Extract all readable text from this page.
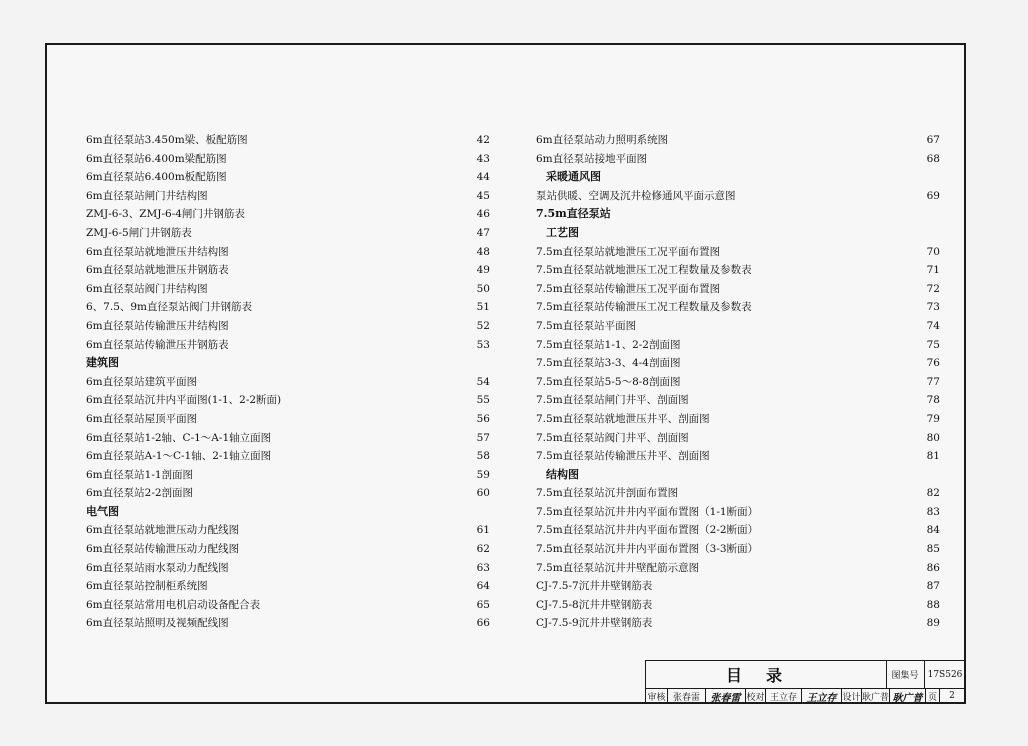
6m直径泵站3.450m梁、板配筋图	42
6m直径泵站6.400m梁配筋图	43
6m直径泵站6.400m板配筋图	44
6m直径泵站闸门井结构图	45
ZMJ-6-3、ZMJ-6-4闸门井钢筋表	46
ZMJ-6-5闸门井钢筋表	47
6m直径泵站就地泄压井结构图	48
6m直径泵站就地泄压井钢筋表	49
6m直径泵站阀门井结构图	50
6、7.5、9m直径泵站阀门井钢筋表	51
6m直径泵站传输泄压井结构图	52
6m直径泵站传输泄压井钢筋表	53
建筑图
6m直径泵站建筑平面图	54
6m直径泵站沉井内平面图(1-1、2-2断面)	55
6m直径泵站屋顶平面图	56
6m直径泵站1-2轴、C-1～A-1轴立面图	57
6m直径泵站A-1～C-1轴、2-1轴立面图	58
6m直径泵站1-1剖面图	59
6m直径泵站2-2剖面图	60
电气图
6m直径泵站就地泄压动力配线图	61
6m直径泵站传输泄压动力配线图	62
6m直径泵站雨水泵动力配线图	63
6m直径泵站控制柜系统图	64
6m直径泵站常用电机启动设备配合表	65
6m直径泵站照明及视频配线图	66
6m直径泵站动力照明系统图	67
6m直径泵站接地平面图	68
采暖通风图
泵站供暖、空调及沉井检修通风平面示意图	69
7.5m直径泵站
工艺图
7.5m直径泵站就地泄压工况平面布置图	70
7.5m直径泵站就地泄压工况工程数量及参数表	71
7.5m直径泵站传输泄压工况平面布置图	72
7.5m直径泵站传输泄压工况工程数量及参数表	73
7.5m直径泵站平面图	74
7.5m直径泵站1-1、2-2剖面图	75
7.5m直径泵站3-3、4-4剖面图	76
7.5m直径泵站5-5～8-8剖面图	77
7.5m直径泵站闸门井平、剖面图	78
7.5m直径泵站就地泄压井平、剖面图	79
7.5m直径泵站阀门井平、剖面图	80
7.5m直径泵站传输泄压井平、剖面图	81
结构图
7.5m直径泵站沉井剖面布置图	82
7.5m直径泵站沉井井内平面布置图（1-1断面）	83
7.5m直径泵站沉井井内平面布置图（2-2断面）	84
7.5m直径泵站沉井井内平面布置图（3-3断面）	85
7.5m直径泵站沉井井壁配筋示意图	86
CJ-7.5-7沉井井壁钢筋表	87
CJ-7.5-8沉井井壁钢筋表	88
CJ-7.5-9沉井井壁钢筋表	89
目录	图集号	17S526
审核 张春雷	张春雷 校对 王立存 王立存 设计 耿广普 耿广普 页	2
